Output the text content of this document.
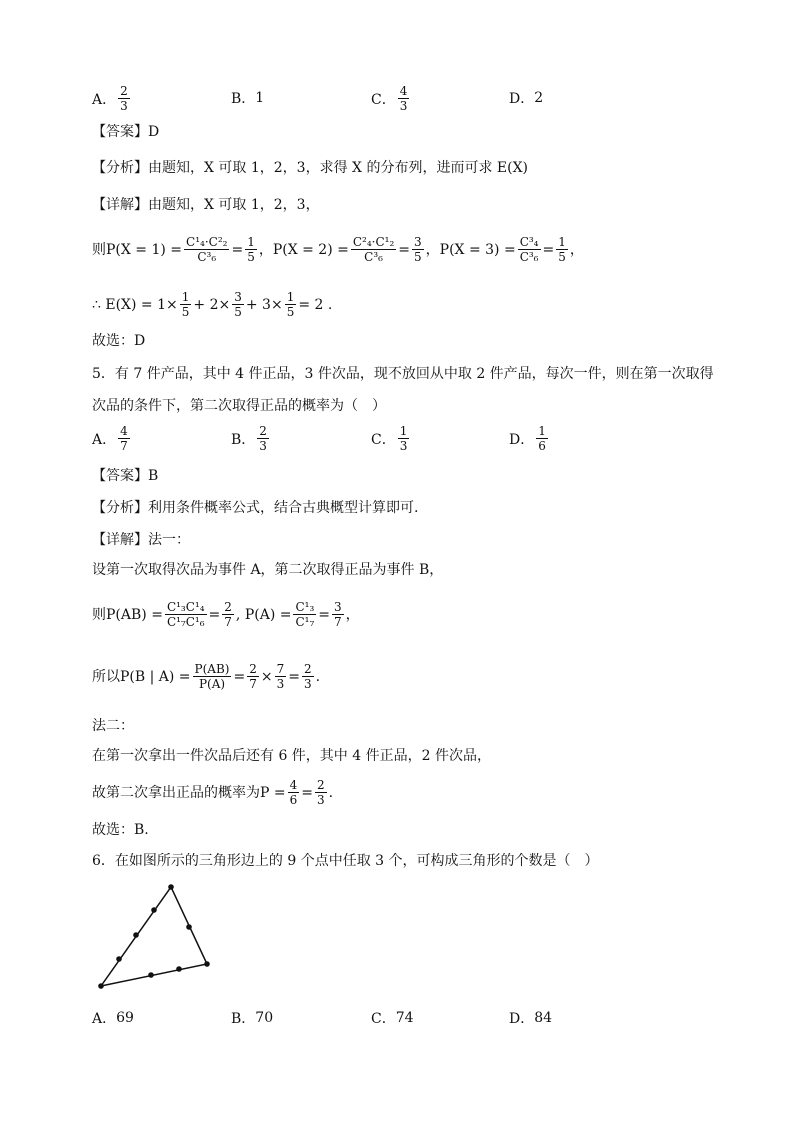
A． $\frac{2}{3}$	B． 1	C． $\frac{4}{3}$	D． 2
【答案】D
【分析】由题知，X 可取 1，2，3，求得 X 的分布列，进而可求 E(X)
【详解】由题知，X 可取 1，2，3，
则 $P(X = 1) = \frac{\text{C¹₄·C²₂}}{\text{C³₆}} = \frac{1}{5}$ ，$P(X = 2) = \frac{\text{C²₄·C¹₂}}{\text{C³₆}} = \frac{3}{5}$ ，$P(X = 3) = \frac{\text{C³₄}}{\text{C³₆}} = \frac{1}{5}$ ，
∴ $E(X) = 1\times \frac{1}{5} + 2\times \frac{3}{5} + 3\times \frac{1}{5} = 2$ .
故选：D
5．有 7 件产品，其中 4 件正品，3 件次品，现不放回从中取 2 件产品，每次一件，则在第一次取得
次品的条件下，第二次取得正品的概率为（　）
A． $\frac{4}{7}$	B． $\frac{2}{3}$	C． $\frac{1}{3}$	D． $\frac{1}{6}$
【答案】B
【分析】利用条件概率公式，结合古典概型计算即可.
【详解】法一：
设第一次取得次品为事件 A，第二次取得正品为事件 B，
则 $P(AB) = \frac{\text{C¹₃C¹₄}}{\text{C¹₇C¹₆}} = \frac{2}{7}$ , $P(A) = \frac{\text{C¹₃}}{\text{C¹₇}} = \frac{3}{7}$ ，
所以 P(B | $A) = \frac{P(AB)}{P(A)} = \frac{2}{7} \times \frac{7}{3} = \frac{2}{3}$ .
法二：
在第一次拿出一件次品后还有 6 件，其中 4 件正品，2 件次品，
故第二次拿出正品的概率为 $P = \frac{4}{6} = \frac{2}{3}$ .
故选：B.
6．在如图所示的三角形边上的 9 个点中任取 3 个，可构成三角形的个数是（　）
A． 69	B． 70	C． 74	D． 84
